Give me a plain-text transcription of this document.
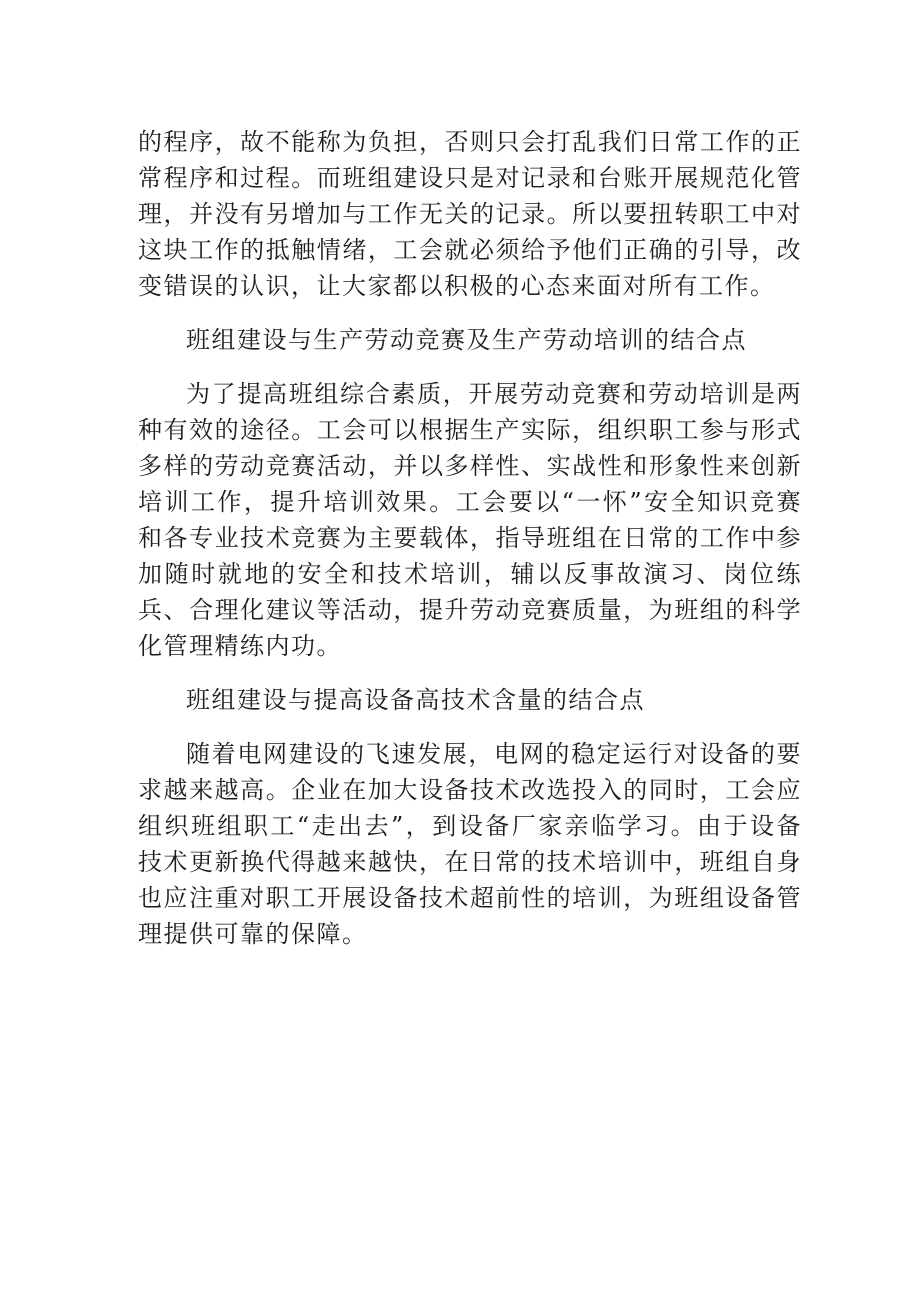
的程序，故不能称为负担，否则只会打乱我们日常工作的正常程序和过程。而班组建设只是对记录和台账开展规范化管理，并没有另增加与工作无关的记录。所以要扭转职工中对这块工作的抵触情绪，工会就必须给予他们正确的引导，改变错误的认识，让大家都以积极的心态来面对所有工作。

班组建设与生产劳动竞赛及生产劳动培训的结合点

为了提高班组综合素质，开展劳动竞赛和劳动培训是两种有效的途径。工会可以根据生产实际，组织职工参与形式多样的劳动竞赛活动，并以多样性、实战性和形象性来创新培训工作，提升培训效果。工会要以“一怀”安全知识竞赛和各专业技术竞赛为主要载体，指导班组在日常的工作中参加随时就地的安全和技术培训，辅以反事故演习、岗位练兵、合理化建议等活动，提升劳动竞赛质量，为班组的科学化管理精练内功。

班组建设与提高设备高技术含量的结合点

随着电网建设的飞速发展，电网的稳定运行对设备的要求越来越高。企业在加大设备技术改选投入的同时，工会应组织班组职工“走出去”，到设备厂家亲临学习。由于设备技术更新换代得越来越快，在日常的技术培训中，班组自身也应注重对职工开展设备技术超前性的培训，为班组设备管理提供可靠的保障。
